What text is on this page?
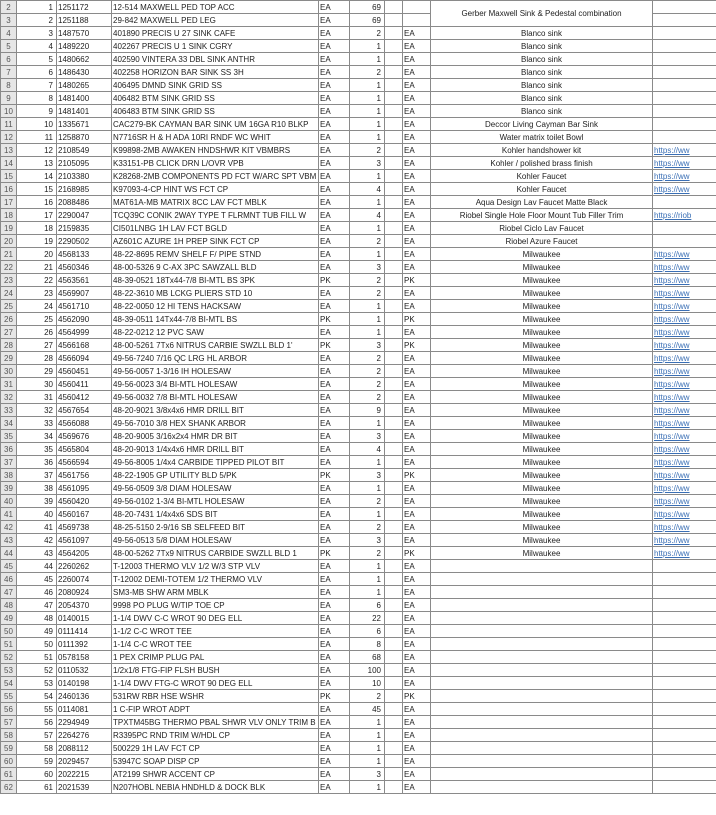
2	1	1251172	12-514 MAXWELL PED TOP ACC	EA	69			Gerber Maxwell Sink & Pedestal combination	
3	2	1251188	29-842 MAXWELL PED LEG	EA	69				
4	3	1487570	401890 PRECIS U 27 SINK CAFE	EA	2		EA	Blanco sink	
5	4	1489220	402267 PRECIS U 1 SINK CGRY	EA	1		EA	Blanco sink	
6	5	1480662	402590 VINTERA 33 DBL SINK ANTHR	EA	1		EA	Blanco sink	
7	6	1486430	402258 HORIZON BAR SINK SS 3H	EA	2		EA	Blanco sink	
8	7	1480265	406495 DMND SINK GRID SS	EA	1		EA	Blanco sink	
9	8	1481400	406482 BTM SINK GRID SS	EA	1		EA	Blanco sink	
10	9	1481401	406483 BTM SINK GRID SS	EA	1		EA	Blanco sink	
11	10	1335671	CAC279-BK CAYMAN BAR SINK UM 16GA R10 BLKP	EA	1		EA	Deccor Living Cayman Bar Sink	
12	11	1258870	N7716SR H & H ADA 10RI RNDF WC WHIT	EA	1		EA	Water matrix toilet Bowl	
13	12	2108549	K99898-2MB AWAKEN HNDSHWR KIT VBMBRS	EA	2		EA	Kohler handshower kit	https://ww
14	13	2105095	K33151-PB CLICK DRN L/OVR VPB	EA	3		EA	Kohler / polished brass finish	https://ww
15	14	2103380	K28268-2MB COMPONENTS PD FCT W/ARC SPT VBM	EA	1		EA	Kohler Faucet	https://ww
16	15	2168985	K97093-4-CP HINT WS FCT CP	EA	4		EA	Kohler Faucet	https://ww
17	16	2088486	MAT61A-MB MATRIX 8CC LAV FCT MBLK	EA	1		EA	Aqua Design Lav Faucet Matte Black	
18	17	2290047	TCQ39C CONIK 2WAY TYPE T FLRMNT TUB FILL W	EA	4		EA	Riobel Single Hole Floor Mount Tub Filler Trim	https://riob
19	18	2159835	CI501LNBG 1H LAV FCT BGLD	EA	1		EA	Riobel Ciclo Lav Faucet	
20	19	2290502	AZ601C AZURE 1H PREP SINK FCT CP	EA	2		EA	Riobel Azure Faucet	
21	20	4568133	48-22-8695 REMV SHELF F/ PIPE STND	EA	1		EA	Milwaukee	https://ww
22	21	4560346	48-00-5326 9 C-AX 3PC SAWZALL BLD	EA	3		EA	Milwaukee	https://ww
23	22	4563561	48-39-0521 18Tx44-7/8 BI-MTL BS 3PK	PK	2		PK	Milwaukee	https://ww
24	23	4569907	48-22-3610 MB LCKG PLIERS STD 10	EA	2		EA	Milwaukee	https://ww
25	24	4561710	48-22-0050 12 HI TENS HACKSAW	EA	1		EA	Milwaukee	https://ww
26	25	4562090	48-39-0511 14Tx44-7/8 BI-MTL BS	PK	1		PK	Milwaukee	https://ww
27	26	4564999	48-22-0212 12 PVC SAW	EA	1		EA	Milwaukee	https://ww
28	27	4566168	48-00-5261 7Tx6 NITRUS CARBIE SWZLL BLD 1'	PK	3		PK	Milwaukee	https://ww
29	28	4566094	49-56-7240 7/16 QC LRG HL ARBOR	EA	2		EA	Milwaukee	https://ww
30	29	4560451	49-56-0057 1-3/16 IH HOLESAW	EA	2		EA	Milwaukee	https://ww
31	30	4560411	49-56-0023 3/4 BI-MTL HOLESAW	EA	2		EA	Milwaukee	https://ww
32	31	4560412	49-56-0032 7/8 BI-MTL HOLESAW	EA	2		EA	Milwaukee	https://ww
33	32	4567654	48-20-9021 3/8x4x6 HMR DRILL BIT	EA	9		EA	Milwaukee	https://ww
34	33	4566088	49-56-7010 3/8 HEX SHANK ARBOR	EA	1		EA	Milwaukee	https://ww
35	34	4569676	48-20-9005 3/16x2x4 HMR DR BIT	EA	3		EA	Milwaukee	https://ww
36	35	4565804	48-20-9013 1/4x4x6 HMR DRILL BIT	EA	4		EA	Milwaukee	https://ww
37	36	4566594	49-56-8005 1/4x4 CARBIDE TIPPED PILOT BIT	EA	1		EA	Milwaukee	https://ww
38	37	4561756	48-22-1905 GP UTILITY BLD 5/PK	PK	3		PK	Milwaukee	https://ww
39	38	4561095	49-56-0509 3/8 DIAM HOLESAW	EA	1		EA	Milwaukee	https://ww
40	39	4560420	49-56-0102 1-3/4 BI-MTL HOLESAW	EA	2		EA	Milwaukee	https://ww
41	40	4560167	48-20-7431 1/4x4x6 SDS BIT	EA	1		EA	Milwaukee	https://ww
42	41	4569738	48-25-5150 2-9/16 SB SELFEED BIT	EA	2		EA	Milwaukee	https://ww
43	42	4561097	49-56-0513 5/8 DIAM HOLESAW	EA	3		EA	Milwaukee	https://ww
44	43	4564205	48-00-5262 7Tx9 NITRUS CARBIDE SWZLL BLD 1	PK	2		PK	Milwaukee	https://ww
45	44	2260262	T-12003 THERMO VLV 1/2 W/3 STP VLV	EA	1		EA		
46	45	2260074	T-12002 DEMI-TOTEM 1/2 THERMO VLV	EA	1		EA		
47	46	2080924	SM3-MB SHW ARM MBLK	EA	1		EA		
48	47	2054370	9998 PO PLUG W/TIP TOE CP	EA	6		EA		
49	48	0140015	1-1/4 DWV C-C WROT 90 DEG ELL	EA	22		EA		
50	49	0111414	1-1/2 C-C WROT TEE	EA	6		EA		
51	50	0111392	1-1/4 C-C WROT TEE	EA	8		EA		
52	51	0578158	1 PEX CRIMP PLUG PAL	EA	68		EA		
53	52	0110532	1/2x1/8 FTG-FIP FLSH BUSH	EA	100		EA		
54	53	0140198	1-1/4 DWV FTG-C WROT 90 DEG ELL	EA	10		EA		
55	54	2460136	531RW RBR HSE WSHR	PK	2		PK		
56	55	0114081	1 C-FIP WROT ADPT	EA	45		EA		
57	56	2294949	TPXTM45BG THERMO PBAL SHWR VLV ONLY TRIM B	EA	1		EA		
58	57	2264276	R3395PC RND TRIM W/HDL CP	EA	1		EA		
59	58	2088112	500229 1H LAV FCT CP	EA	1		EA		
60	59	2029457	53947C SOAP DISP CP	EA	1		EA		
61	60	2022215	AT2199 SHWR ACCENT CP	EA	3		EA		
62	61	2021539	N207HOBL NEBIA HNDHLD & DOCK BLK	EA	1		EA		
